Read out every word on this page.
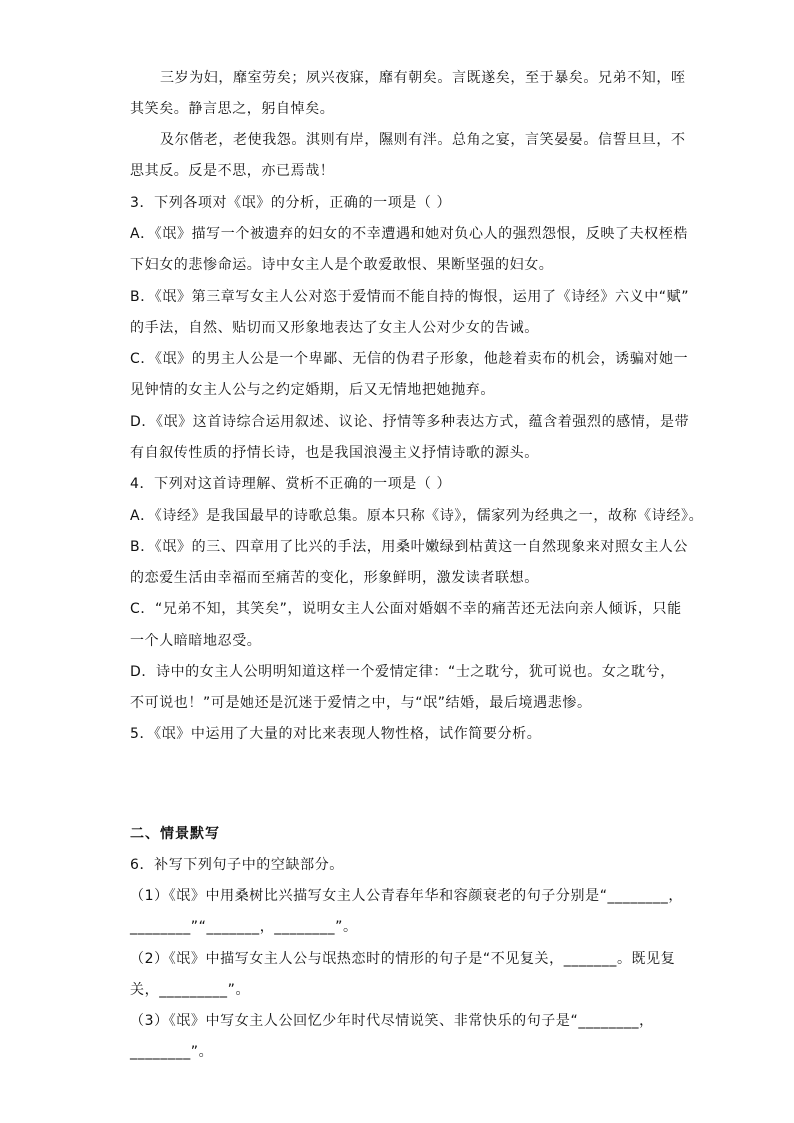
三岁为妇，靡室劳矣；夙兴夜寐，靡有朝矣。言既遂矣，至于暴矣。兄弟不知，咥
其笑矣。静言思之，躬自悼矣。
及尔偕老，老使我怨。淇则有岸，隰则有泮。总角之宴，言笑晏晏。信誓旦旦，不
思其反。反是不思，亦已焉哉！
3．下列各项对《氓》的分析，正确的一项是（ ）
A．《氓》描写一个被遗弃的妇女的不幸遭遇和她对负心人的强烈怨恨，反映了夫权桎梏
下妇女的悲惨命运。诗中女主人是个敢爱敢恨、果断坚强的妇女。
B．《氓》第三章写女主人公对恣于爱情而不能自持的悔恨，运用了《诗经》六义中“赋”
的手法，自然、贴切而又形象地表达了女主人公对少女的告诫。
C．《氓》的男主人公是一个卑鄙、无信的伪君子形象，他趁着卖布的机会，诱骗对她一
见钟情的女主人公与之约定婚期，后又无情地把她抛弃。
D．《氓》这首诗综合运用叙述、议论、抒情等多种表达方式，蕴含着强烈的感情，是带
有自叙传性质的抒情长诗，也是我国浪漫主义抒情诗歌的源头。
4．下列对这首诗理解、赏析不正确的一项是（ ）
A．《诗经》是我国最早的诗歌总集。原本只称《诗》，儒家列为经典之一，故称《诗经》。
B．《氓》的三、四章用了比兴的手法，用桑叶嫩绿到枯黄这一自然现象来对照女主人公
的恋爱生活由幸福而至痛苦的变化，形象鲜明，激发读者联想。
C．“兄弟不知，其笑矣”，说明女主人公面对婚姻不幸的痛苦还无法向亲人倾诉，只能
一个人暗暗地忍受。
D．诗中的女主人公明明知道这样一个爱情定律：“士之耽兮，犹可说也。女之耽兮，
不可说也！”可是她还是沉迷于爱情之中，与“氓”结婚，最后境遇悲惨。
5．《氓》中运用了大量的对比来表现人物性格，试作简要分析。
二、情景默写
6．补写下列句子中的空缺部分。
（1）《氓》中用桑树比兴描写女主人公青春年华和容颜衰老的句子分别是“________，
________”“_______，________”。
（2）《氓》中描写女主人公与氓热恋时的情形的句子是“不见复关，_______。既见复
关，_________”。
（3）《氓》中写女主人公回忆少年时代尽情说笑、非常快乐的句子是“________，
________”。
